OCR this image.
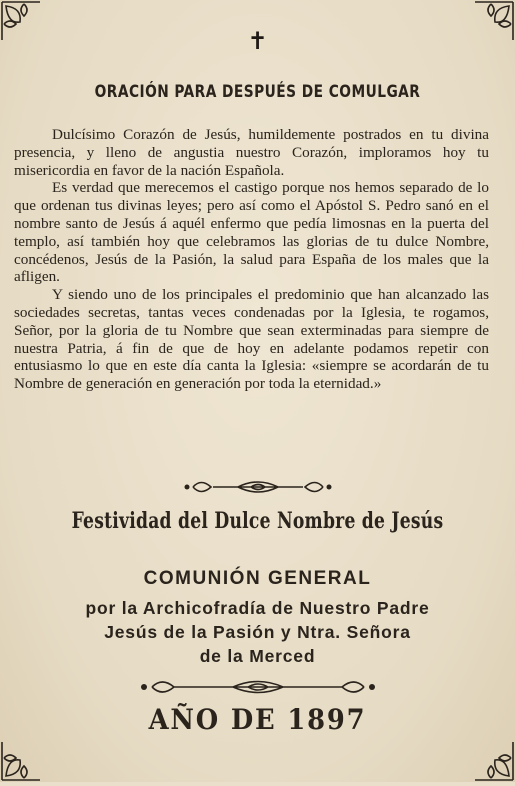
✝
ORACIÓN PARA DESPUÉS DE COMULGAR

Dulcísimo Corazón de Jesús, humildemente postrados en tu divina presencia, y lleno de angustia nuestro Corazón, imploramos hoy tu misericordia en favor de la nación Española.

Es verdad que merecemos el castigo porque nos hemos separado de lo que ordenan tus divinas leyes; pero así como el Apóstol S. Pedro sanó en el nombre santo de Jesús á aquél enfermo que pedía limosnas en la puerta del templo, así también hoy que celebramos las glorias de tu dulce Nombre, concédenos, Jesús de la Pasión, la salud para España de los males que la afligen.

Y siendo uno de los principales el predominio que han alcanzado las sociedades secretas, tantas veces condenadas por la Iglesia, te rogamos, Señor, por la gloria de tu Nombre que sean exterminadas para siempre de nuestra Patria, á fin de que de hoy en adelante podamos repetir con entusiasmo lo que en este día canta la Iglesia: «siempre se acordarán de tu Nombre de generación en generación por toda la eternidad.»

Festividad del Dulce Nombre de Jesús
COMUNIÓN GENERAL
por la Archicofradía de Nuestro Padre
Jesús de la Pasión y Ntra. Señora
de la Merced
AÑO DE 1897
